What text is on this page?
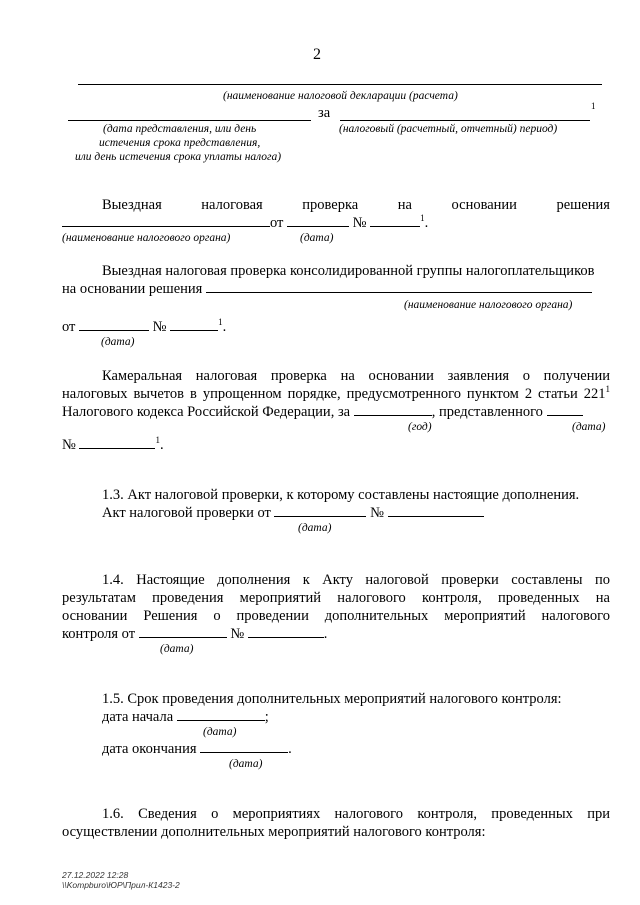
2
(наименование налоговой декларации (расчета)
за	1
(дата представления, или день
истечения срока представления,
или день истечения срока уплаты налога)
(налоговый (расчетный, отчетный) период)
Выездная	налоговая	проверка	на	основании	решения
от	№	$^1$.
(наименование налогового органа)	(дата)
Выездная налоговая проверка консолидированной группы налогоплательщиков
на основании решения
(наименование налогового органа)
от	№	$^1$.
(дата)
Камеральная налоговая проверка на основании заявления о получении
налоговых вычетов в упрощенном порядке, предусмотренного пунктом 2 статьи $221^1$
Налогового кодекса Российской Федерации, за	, представленного
(год)	(дата)
№	$^1$.
1.3. Акт налоговой проверки, к которому составлены настоящие дополнения.
Акт налоговой проверки от	№
(дата)
1.4. Настоящие дополнения к Акту налоговой проверки составлены по
результатам проведения мероприятий налогового контроля, проведенных на
основании Решения о проведении дополнительных мероприятий налогового
контроля от	№	.
(дата)
1.5. Срок проведения дополнительных мероприятий налогового контроля:
дата начала	;
(дата)
дата окончания	.
(дата)
1.6. Сведения о мероприятиях налогового контроля, проведенных при
осуществлении дополнительных мероприятий налогового контроля:
27.12.2022 12:28
\\Kompburo\ЮР\Прил-К1423-2
